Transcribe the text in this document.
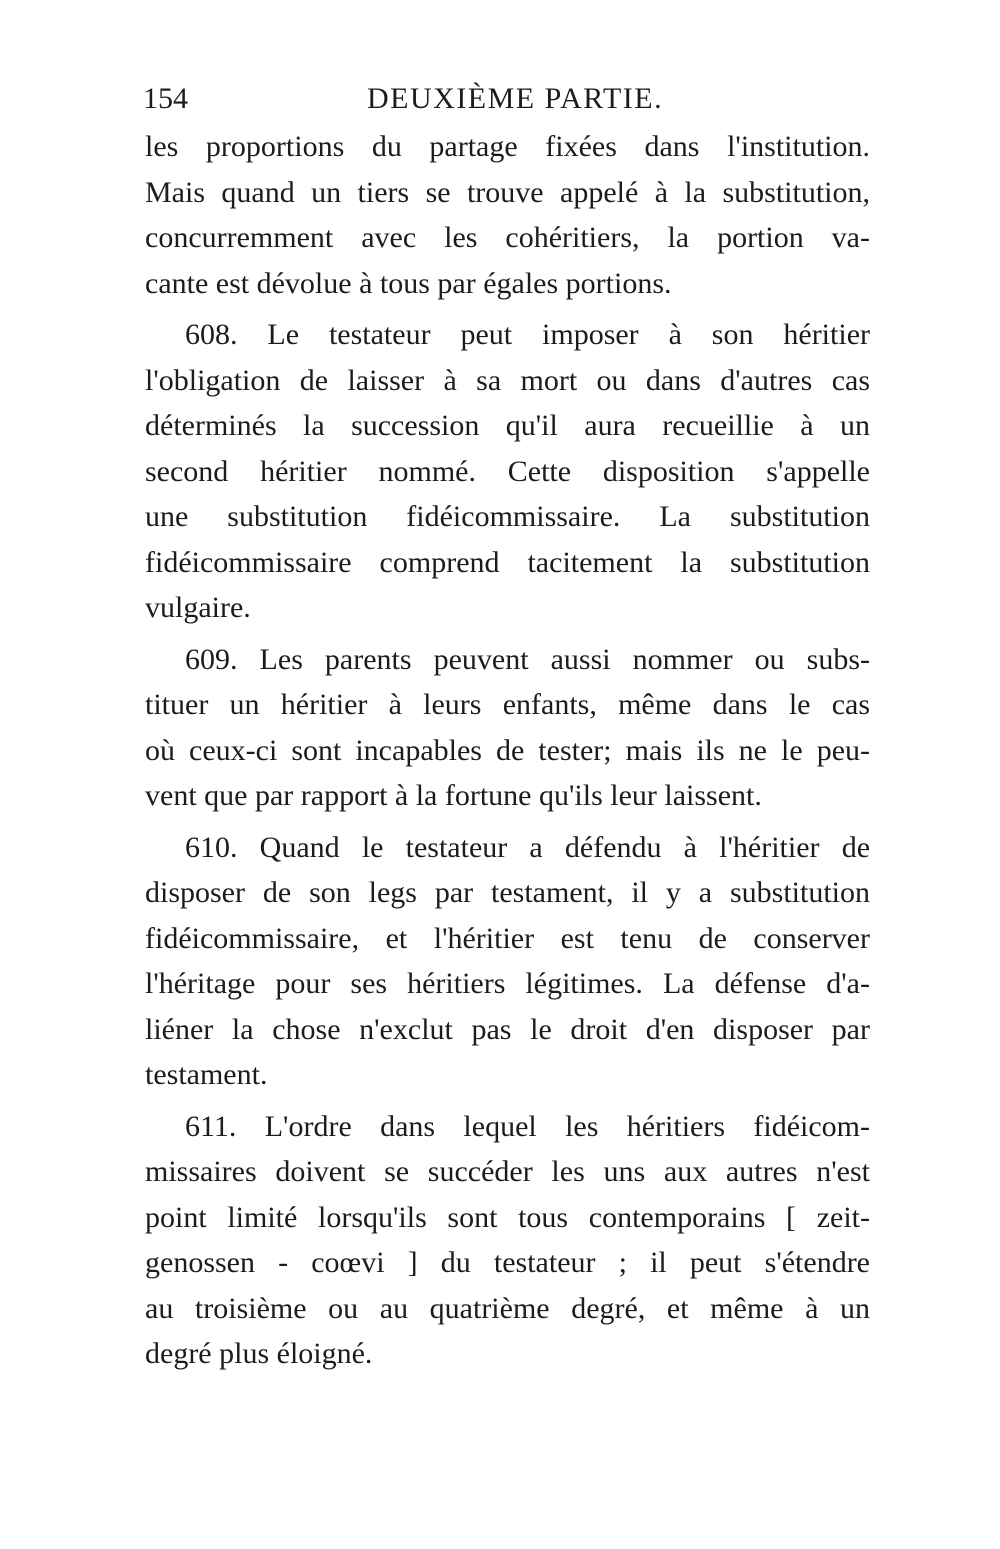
154	DEUXIÈME PARTIE.
les proportions du partage fixées dans l'institution.
Mais quand un tiers se trouve appelé à la substitution,
concurremment avec les cohéritiers, la portion va-
cante est dévolue à tous par égales portions.
608. Le testateur peut imposer à son héritier
l'obligation de laisser à sa mort ou dans d'autres cas
déterminés la succession qu'il aura recueillie à un
second héritier nommé. Cette disposition s'appelle
une substitution fidéicommissaire. La substitution
fidéicommissaire comprend tacitement la substitution
vulgaire.
609. Les parents peuvent aussi nommer ou subs-
tituer un héritier à leurs enfants, même dans le cas
où ceux-ci sont incapables de tester; mais ils ne le peu-
vent que par rapport à la fortune qu'ils leur laissent.
610. Quand le testateur a défendu à l'héritier de
disposer de son legs par testament, il y a substitution
fidéicommissaire, et l'héritier est tenu de conserver
l'héritage pour ses héritiers légitimes. La défense d'a-
liéner la chose n'exclut pas le droit d'en disposer par
testament.
611. L'ordre dans lequel les héritiers fidéicom-
missaires doivent se succéder les uns aux autres n'est
point limité lorsqu'ils sont tous contemporains [ zeit-
genossen - coœvi ] du testateur ; il peut s'étendre
au troisième ou au quatrième degré, et même à un
degré plus éloigné.
